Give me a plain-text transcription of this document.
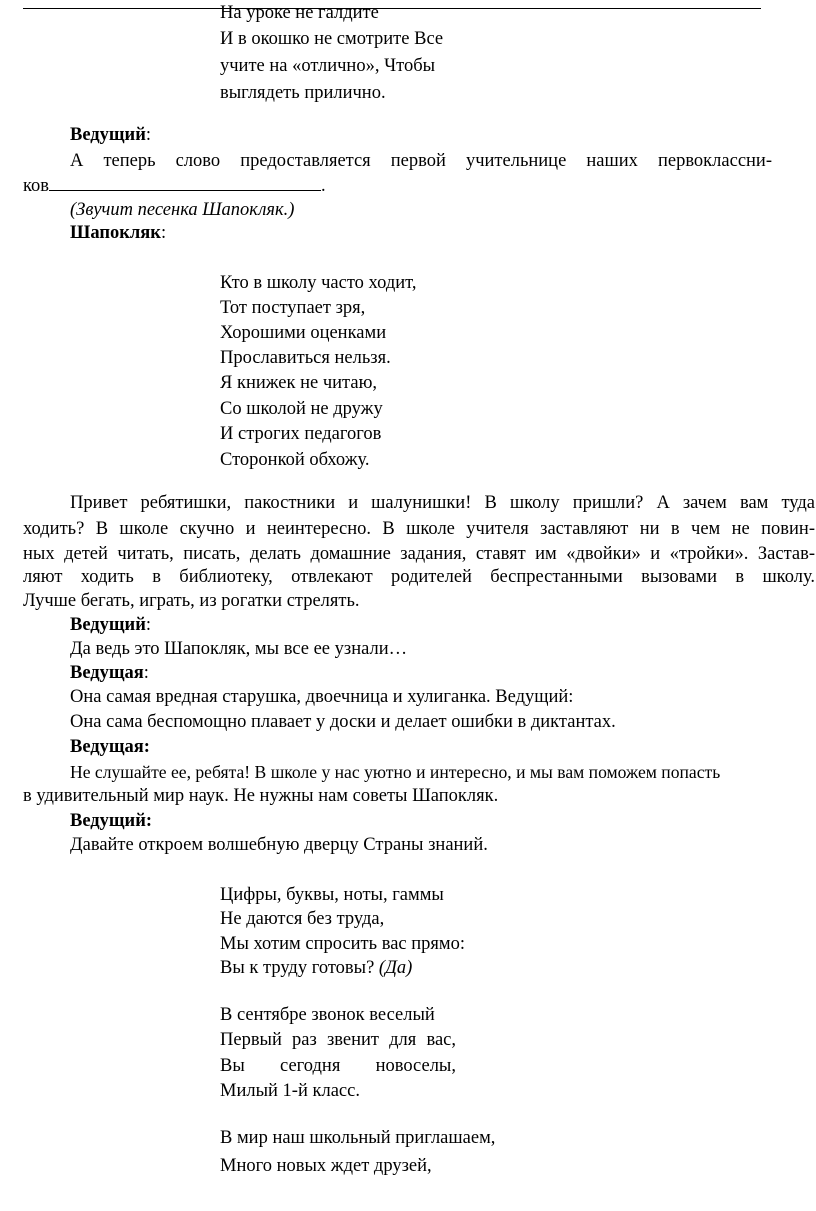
На уроке не галдите
И в окошко не смотрите Все
учите на «отлично», Чтобы
выглядеть прилично.
Ведущий:
А теперь слово предоставляется первой учительнице наших первоклассни-
ков	.
(Звучит песенка Шапокляк.)
Шапокляк:
Кто в школу часто ходит,
Тот поступает зря,
Хорошими оценками
Прославиться нельзя.
Я книжек не читаю,
Со школой не дружу
И строгих педагогов
Сторонкой обхожу.
Привет ребятишки, пакостники и шалунишки! В школу пришли? А зачем вам туда
ходить? В школе скучно и неинтересно. В школе учителя заставляют ни в чем не повин-
ных детей читать, писать, делать домашние задания, ставят им «двойки» и «тройки». Застав-
ляют ходить в библиотеку, отвлекают родителей беспрестанными вызовами в школу.
Лучше бегать, играть, из рогатки стрелять.
Ведущий:
Да ведь это Шапокляк, мы все ее узнали…
Ведущая:
Она самая вредная старушка, двоечница и хулиганка. Ведущий:
Она сама беспомощно плавает у доски и делает ошибки в диктантах.
Ведущая:
Не слушайте ее, ребята! В школе у нас уютно и интересно, и мы вам поможем попасть
в удивительный мир наук. Не нужны нам советы Шапокляк.
Ведущий:
Давайте откроем волшебную дверцу Страны знаний.
Цифры, буквы, ноты, гаммы
Не даются без труда,
Мы хотим спросить вас прямо:
Вы к труду готовы? (Да)
В сентябре звонок веселый
Первый раз звенит для вас,
Вы сегодня новоселы,
Милый 1-й класс.
В мир наш школьный приглашаем,
Много новых ждет друзей,
